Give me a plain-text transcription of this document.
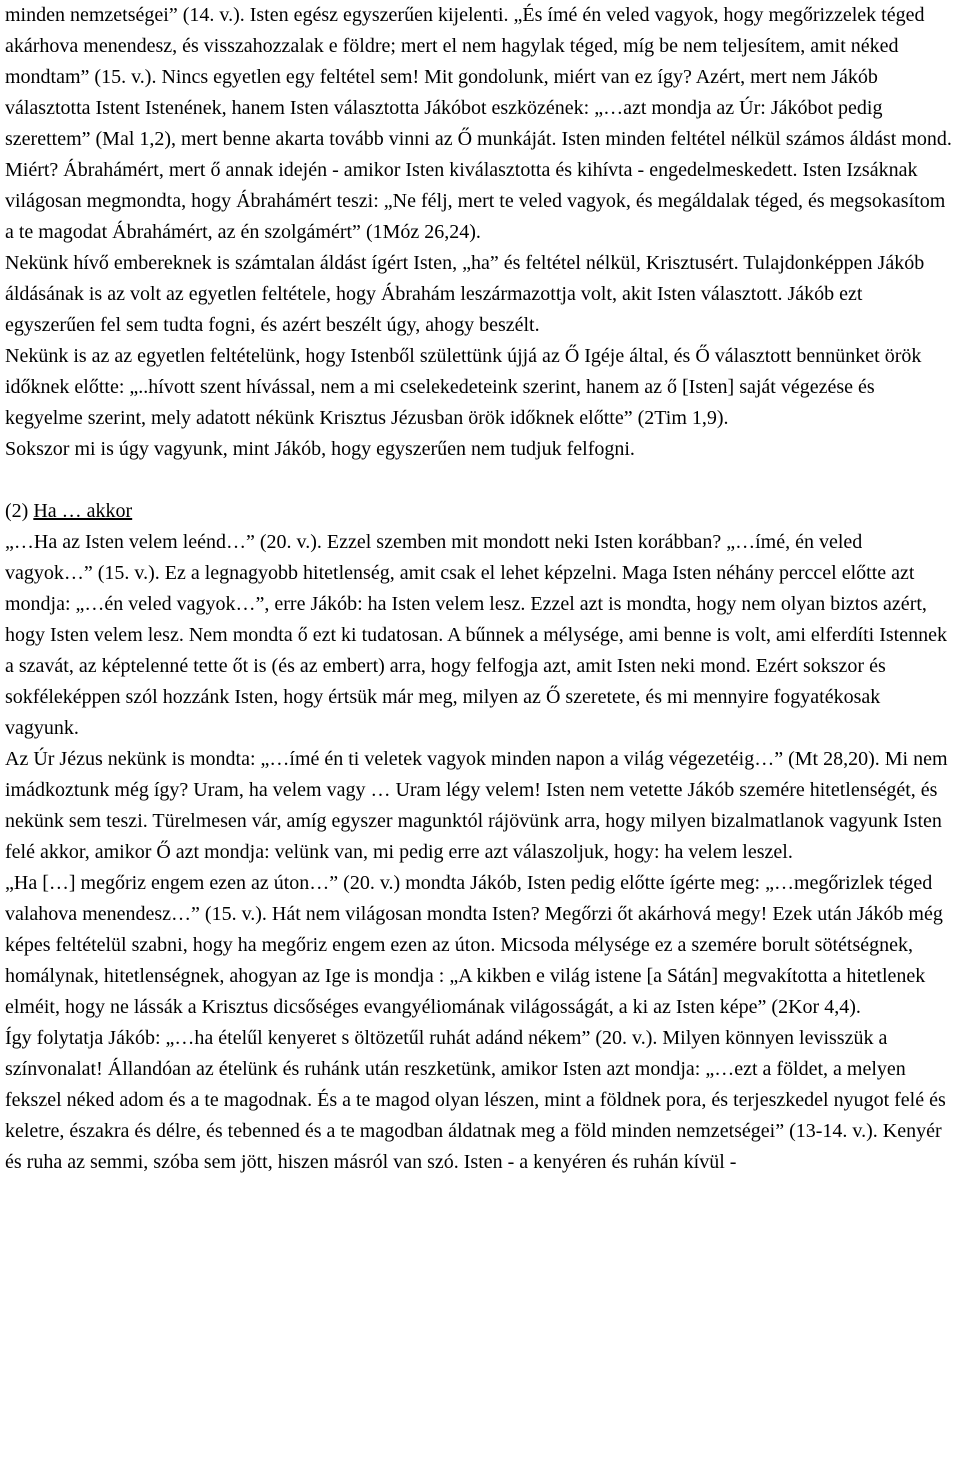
minden nemzetségei” (14. v.). Isten egész egyszerűen kijelenti. „És ímé én veled vagyok, hogy megőrizzelek téged akárhova menendesz, és visszahozzalak e földre; mert el nem hagylak téged, míg be nem teljesítem, amit néked mondtam” (15. v.). Nincs egyetlen egy feltétel sem! Mit gondolunk, miért van ez így? Azért, mert nem Jákób választotta Istent Istenének, hanem Isten választotta Jákóbot eszközének: „…azt mondja az Úr: Jákóbot pedig szerettem” (Mal 1,2), mert benne akarta tovább vinni az Ő munkáját. Isten minden feltétel nélkül számos áldást mond. Miért? Ábrahámért, mert ő annak idején - amikor Isten kiválasztotta és kihívta - engedelmeskedett. Isten Izsáknak világosan megmondta, hogy Ábrahámért teszi: „Ne félj, mert te veled vagyok, és megáldalak téged, és megsokasítom a te magodat Ábrahámért, az én szolgámért” (1Móz 26,24).
Nekünk hívő embereknek is számtalan áldást ígért Isten, „ha” és feltétel nélkül, Krisztusért. Tulajdonképpen Jákób áldásának is az volt az egyetlen feltétele, hogy Ábrahám leszármazottja volt, akit Isten választott. Jákób ezt egyszerűen fel sem tudta fogni, és azért beszélt úgy, ahogy beszélt.
Nekünk is az az egyetlen feltételünk, hogy Istenből születtünk újjá az Ő Igéje által, és Ő választott bennünket örök időknek előtte: „..hívott szent hívással, nem a mi cselekedeteink szerint, hanem az ő [Isten] saját végezése és kegyelme szerint, mely adatott nékünk Krisztus Jézusban örök időknek előtte” (2Tim 1,9).
Sokszor mi is úgy vagyunk, mint Jákób, hogy egyszerűen nem tudjuk felfogni.
(2) Ha … akkor
„…Ha az Isten velem leénd…” (20. v.). Ezzel szemben mit mondott neki Isten korábban? „…ímé, én veled vagyok…” (15. v.). Ez a legnagyobb hitetlenség, amit csak el lehet képzelni. Maga Isten néhány perccel előtte azt mondja: „…én veled vagyok…”, erre Jákób: ha Isten velem lesz. Ezzel azt is mondta, hogy nem olyan biztos azért, hogy Isten velem lesz. Nem mondta ő ezt ki tudatosan. A bűnnek a mélysége, ami benne is volt, ami elferdíti Istennek a szavát, az képtelenné tette őt is (és az embert) arra, hogy felfogja azt, amit Isten neki mond. Ezért sokszor és sokféleképpen szól hozzánk Isten, hogy értsük már meg, milyen az Ő szeretete, és mi mennyire fogyatékosak vagyunk.
Az Úr Jézus nekünk is mondta: „…ímé én ti veletek vagyok minden napon a világ végezetéig…” (Mt 28,20). Mi nem imádkoztunk még így? Uram, ha velem vagy … Uram légy velem! Isten nem vetette Jákób szemére hitetlenségét, és nekünk sem teszi. Türelmesen vár, amíg egyszer magunktól rájövünk arra, hogy milyen bizalmatlanok vagyunk Isten felé akkor, amikor Ő azt mondja: velünk van, mi pedig erre azt válaszoljuk, hogy: ha velem leszel.
„Ha […] megőriz engem ezen az úton…” (20. v.) mondta Jákób, Isten pedig előtte ígérte meg: „…megőrizlek téged valahova menendesz…” (15. v.). Hát nem világosan mondta Isten? Megőrzi őt akárhová megy! Ezek után Jákób még képes feltételül szabni, hogy ha megőriz engem ezen az úton. Micsoda mélysége ez a szemére borult sötétségnek, homálynak, hitetlenségnek, ahogyan az Ige is mondja : „A kikben e világ istene [a Sátán] megvakította a hitetlenek elméit, hogy ne lássák a Krisztus dicsőséges evangyéliomának világosságát, a ki az Isten képe” (2Kor 4,4).
Így folytatja Jákób: „…ha ételűl kenyeret s öltözetűl ruhát adánd nékem” (20. v.). Milyen könnyen levisszük a színvonalat! Állandóan az ételünk és ruhánk után reszketünk, amikor Isten azt mondja: „…ezt a földet, a melyen fekszel néked adom és a te magodnak. És a te magod olyan lészen, mint a földnek pora, és terjeszkedel nyugot felé és keletre, északra és délre, és tebenned és a te magodban áldatnak meg a föld minden nemzetségei” (13-14. v.). Kenyér és ruha az semmi, szóba sem jött, hiszen másról van szó. Isten - a kenyéren és ruhán kívül -
